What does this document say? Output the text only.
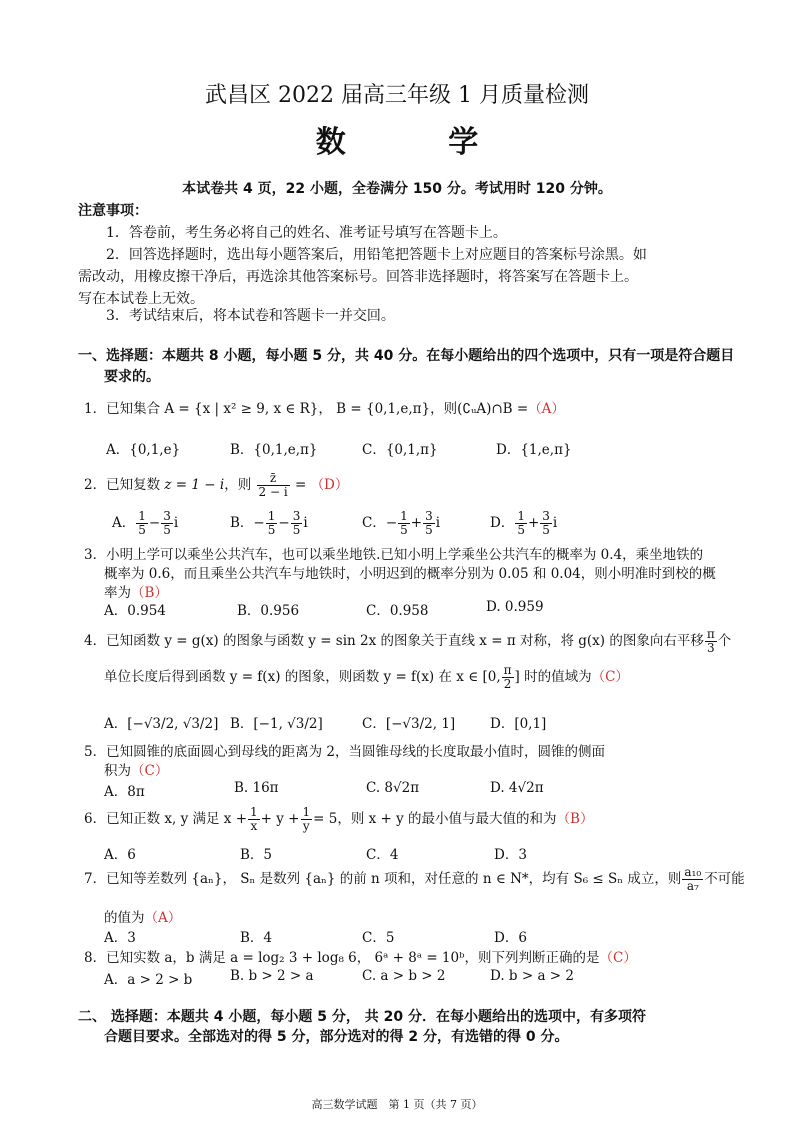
武昌区 2022 届高三年级 1 月质量检测
数 学
本试卷共 4 页，22 小题，全卷满分 150 分。考试用时 120 分钟。
注意事项：
1．答卷前，考生务必将自己的姓名、准考证号填写在答题卡上。
2．回答选择题时，选出每小题答案后，用铅笔把答题卡上对应题目的答案标号涂黑。如
需改动，用橡皮擦干净后，再选涂其他答案标号。回答非选择题时，将答案写在答题卡上。
写在本试卷上无效。
3．考试结束后，将本试卷和答题卡一并交回。
一、选择题：本题共 8 小题，每小题 5 分，共 40 分。在每小题给出的四个选项中，只有一项是符合题目
要求的。
1．已知集合 A = {x | x² ≥ 9, x ∈ R}， B = {0,1,e,π}，则(∁ᵤA)∩B =（A）
A．{0,1,e}	B．{0,1,e,π}	C．{0,1,π}	D．{1,e,π}
2．已知复数 z = 1 − i，则 $\frac{z̄}{2 - i} = (D)$
A． $\frac{1}{5} - \frac{3}{5}$ i	B．− $\frac{1}{5} - \frac{3}{5}$ i	C．− $\frac{1}{5} + \frac{3}{5}$ i	D． $\frac{1}{5} + \frac{3}{5}$ i
3．小明上学可以乘坐公共汽车，也可以乘坐地铁.已知小明上学乘坐公共汽车的概率为 0.4，乘坐地铁的
概率为 0.6，而且乘坐公共汽车与地铁时，小明迟到的概率分别为 0.05 和 0.04，则小明准时到校的概
率为（B）
A．0.954	B．0.956	C．0.958	D. 0.959
4．已知函数 y = g(x) 的图象与函数 y = sin 2x 的图象关于直线 x = π 对称，将 g(x) 的图象向右平移 $\frac{\pi}{3}$ 个
单位长度后得到函数 y = f(x) 的图象，则函数 y = f(x) 在 x ∈ [0, $\frac{\pi}{2}$ ] 时的值域为（C）
A．[−√3/2, √3/2] B．[−1, √3/2]	C．[−√3/2, 1]	D．[0,1]
5．已知圆锥的底面圆心到母线的距离为 2，当圆锥母线的长度取最小值时，圆锥的侧面
积为（C）
A．8π	B. 16π	C. 8√2π	D. 4√2π
6．已知正数 x, y 满足 $x + \frac{1}{x} + y + \frac{1}{y} = 5$，则 x + y 的最小值与最大值的和为（B）
A．6	B．5	C．4	D．3
7．已知等差数列 {aₙ}， Sₙ 是数列 {aₙ} 的前 n 项和，对任意的 n ∈ N*，均有 S₆ ≤ Sₙ 成立，则 $\frac{\text{a₁₀}}{\text{a₇}}$ 不可能
的值为（A）
A．3	B．4	C．5	D．6
8．已知实数 a，b 满足 a = log₂ 3 + log₈ 6， 6ᵃ + 8ᵃ = 10ᵇ，则下列判断正确的是（C）
A．a > 2 > b	B. b > 2 > a	C. a > b > 2	D. b > a > 2
二、 选择题：本题共 4 小题，每小题 5 分， 共 20 分．在每小题给出的选项中，有多项符
合题目要求。全部选对的得 5 分，部分选对的得 2 分，有选错的得 0 分。
高三数学试题　第 1 页（共 7 页）
